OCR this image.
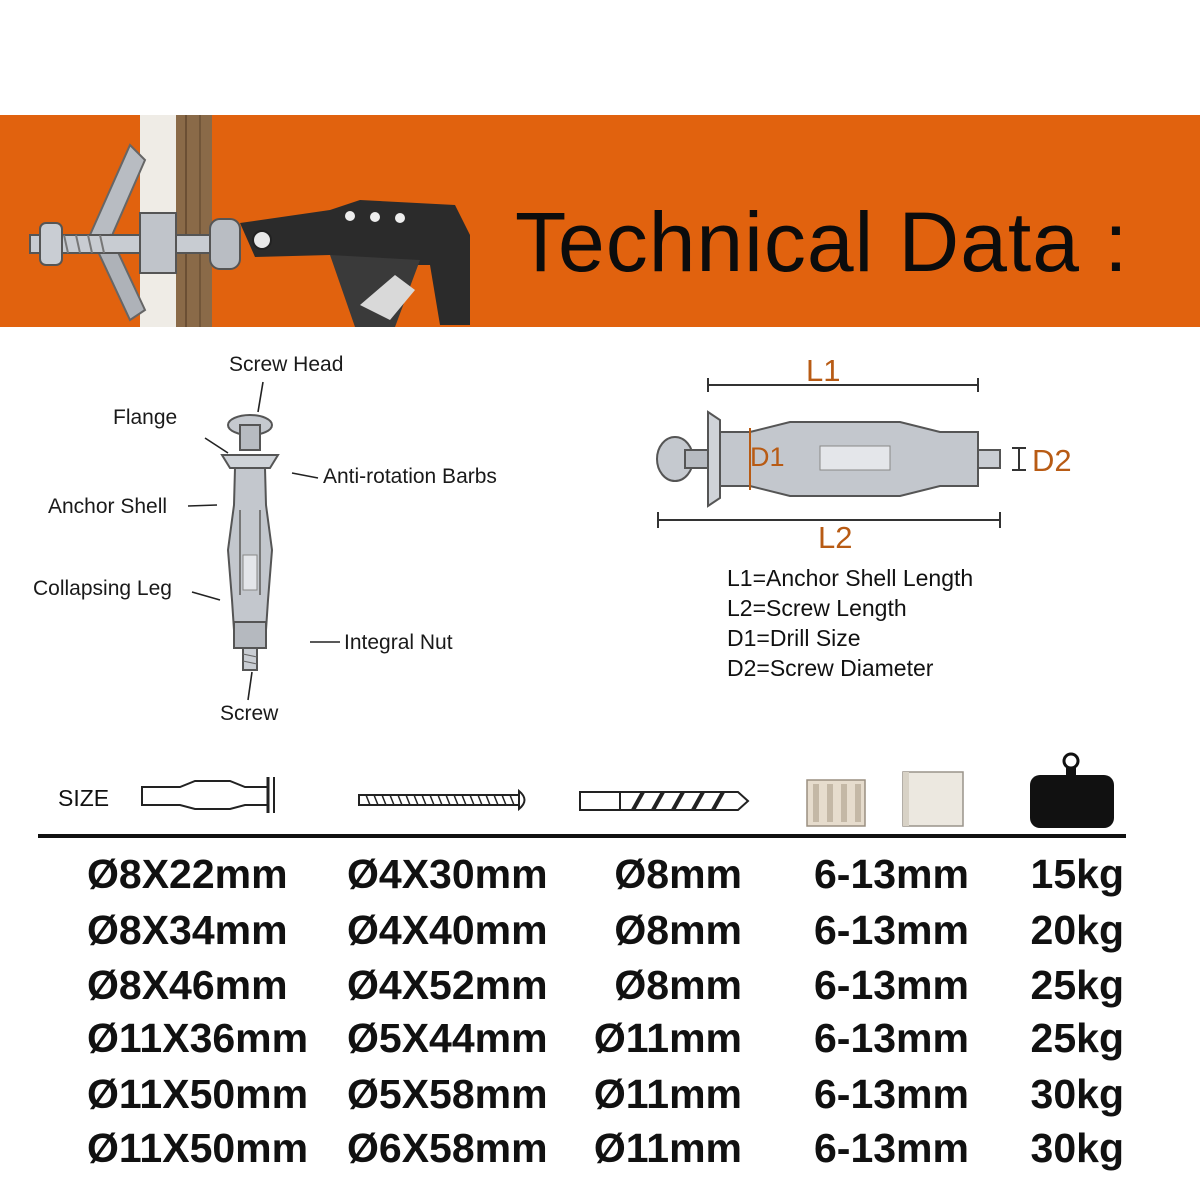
Technical Data :
Screw Head
Flange
Anti-rotation Barbs
Anchor Shell
Collapsing Leg
Integral Nut
Screw
L1
L2
D1	D2
L1=Anchor Shell Length
L2=Screw Length
D1=Drill Size
D2=Screw Diameter
SIZE
Ø8X22mm Ø4X30mm Ø8mm 6-13mm 15kg
Ø8X34mm Ø4X40mm Ø8mm 6-13mm 20kg
Ø8X46mm Ø4X52mm Ø8mm 6-13mm 25kg
Ø11X36mm Ø5X44mm Ø11mm 6-13mm 25kg
Ø11X50mm Ø5X58mm Ø11mm 6-13mm 30kg
Ø11X50mm Ø6X58mm Ø11mm 6-13mm 30kg
